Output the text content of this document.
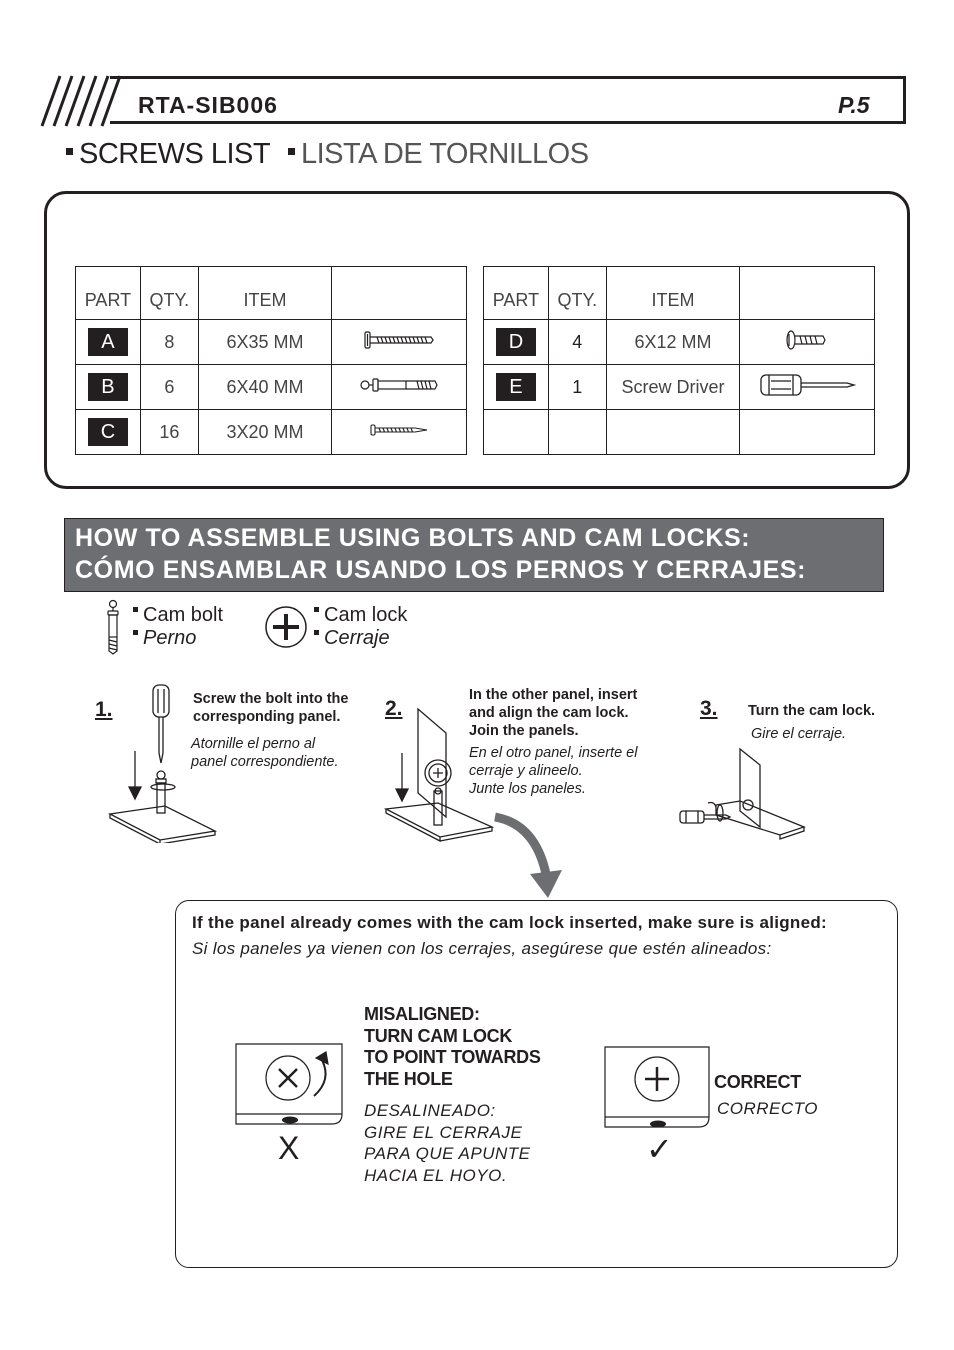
RTA-SIB006	P.5
SCREWS LIST	LISTA DE TORNILLOS
PART	QTY.	ITEM	
A	8	6X35 MM	
B	6	6X40 MM	
C	16	3X20 MM	
PART	QTY.	ITEM	
D	4	6X12 MM	
E	1	Screw Driver	

HOW TO ASSEMBLE USING BOLTS AND CAM LOCKS:
CÓMO ENSAMBLAR USANDO LOS PERNOS Y CERRAJES:
Cam bolt
Perno
Cam lock
Cerraje
1.	Screw the bolt into the
corresponding panel.
Atornille el perno al
panel correspondiente.
2.
In the other panel, insert
and align the cam lock.
Join the panels.
En el otro panel, inserte el
cerraje y alineelo.
Junte los paneles.
3. Turn the cam lock.
Gire el cerraje.
If the panel already comes with the cam lock inserted, make sure is aligned:
Si los paneles ya vienen con los cerrajes, asegúrese que estén alineados:
X
MISALIGNED:
TURN CAM LOCK
TO POINT TOWARDS
THE HOLE
DESALINEADO:
GIRE EL CERRAJE
PARA QUE APUNTE
HACIA EL HOYO.
✓
CORRECT
CORRECTO
